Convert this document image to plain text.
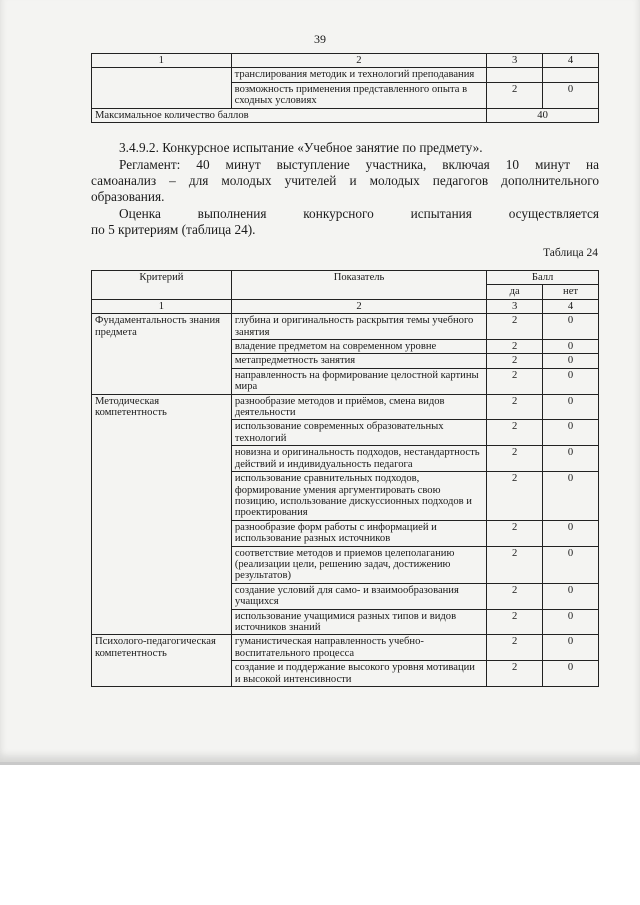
39
1	2	3	4
	транслирования методик и технологий преподавания		
	возможность применения представленного опыта в сходных условиях	2	0
Максимальное количество баллов		40	
3.4.9.2. Конкурсное испытание «Учебное занятие по предмету».
Регламент: 40 минут выступление участника, включая 10 минут на
самоанализ – для молодых учителей и молодых педагогов дополнительного
образования.
Оценка выполнения конкурсного испытания осуществляется
по 5 критериям (таблица 24).
Таблица 24
Критерий	Показатель	Балл	
		да	нет
1	2	3	4
Фундаментальность знания предмета	глубина и оригинальность раскрытия темы учебного занятия	2	0
	владение предметом на современном уровне	2	0
	метапредметность занятия	2	0
	направленность на формирование целостной картины мира	2	0
Методическая компетентность	разнообразие методов и приёмов, смена видов деятельности	2	0
	использование современных образовательных технологий	2	0
	новизна и оригинальность подходов, нестандартность действий и индивидуальность педагога	2	0
	использование сравнительных подходов, формирование умения аргументировать свою позицию, использование дискуссионных подходов и проектирования	2	0
	разнообразие форм работы с информацией и использование разных источников	2	0
	соответствие методов и приемов целеполаганию (реализации цели, решению задач, достижению результатов)	2	0
	создание условий для само- и взаимообразования учащихся	2	0
	использование учащимися разных типов и видов источников знаний	2	0
Психолого-педагогическая компетентность	гуманистическая направленность учебно-воспитательного процесса	2	0
	создание и поддержание высокого уровня мотивации и высокой интенсивности	2	0
